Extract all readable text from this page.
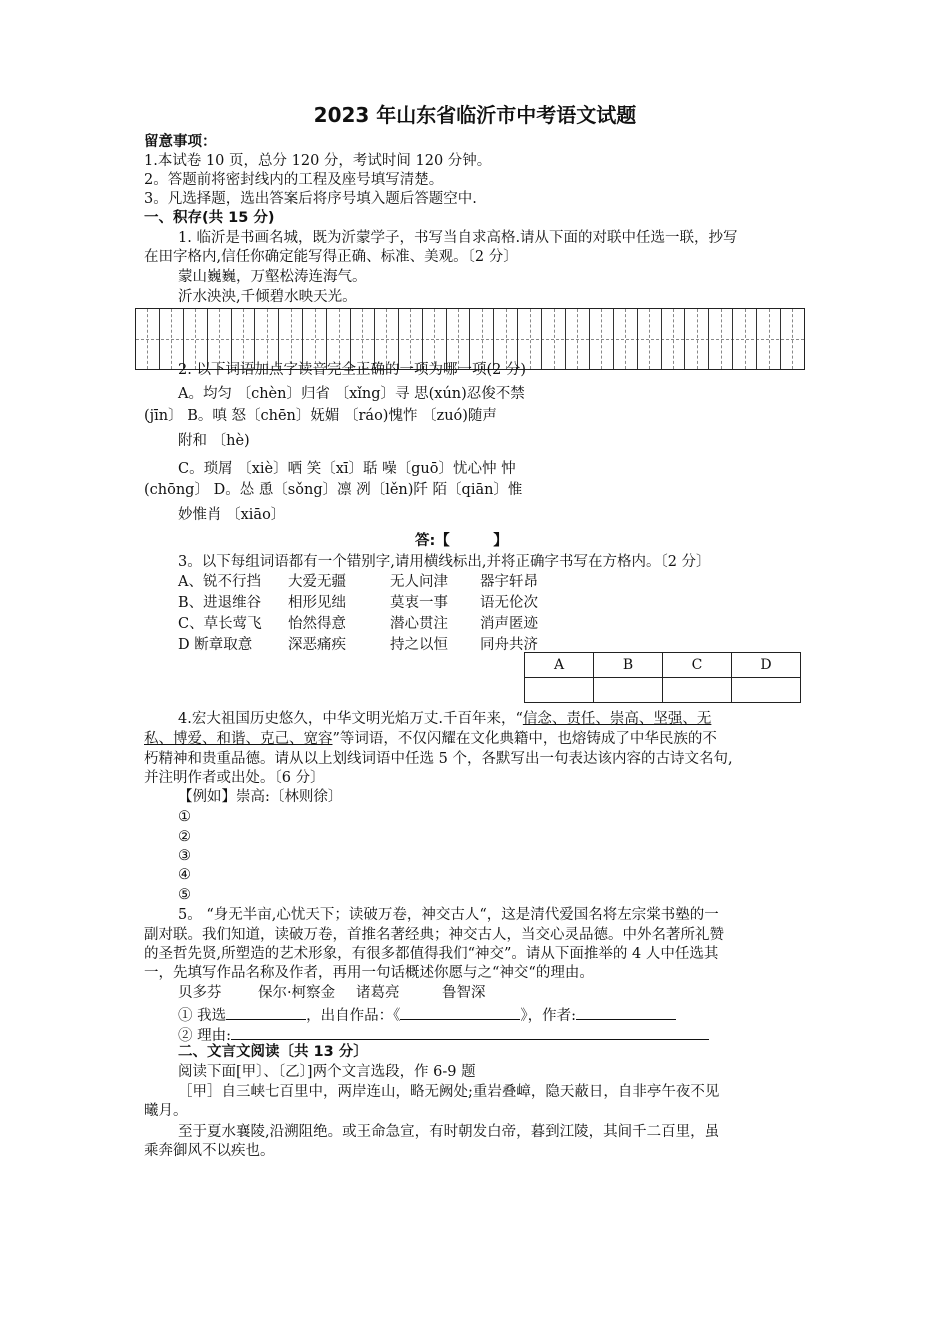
2023 年山东省临沂市中考语文试题
留意事项：
1.本试卷 10 页，总分 120 分，考试时间 120 分钟。
2。答题前将密封线内的工程及座号填写清楚。
3。凡选择题，选出答案后将序号填入题后答题空中.
一、积存(共 15 分)
1. 临沂是书画名城，既为沂蒙学子，书写当自求高格.请从下面的对联中任选一联，抄写
在田字格内,信任你确定能写得正确、标准、美观。〔2 分〕
蒙山巍巍，万壑松涛连海气。
沂水泱泱,千倾碧水映天光。
2. 以下词语加点字读音完全正确的一项为哪一项(2 分)
A。均匀 〔chèn〕归省 〔xǐng〕寻 思(xún)忍俊不禁
(jīn〕 B。嗔 怒〔chēn〕妩媚 〔ráo)愧怍 〔zuó)随声
附和 〔hè)
C。琐屑 〔xiè〕哂 笑〔xī〕聒 噪〔guō〕忧心忡 忡
(chōng〕 D。怂 恿〔sǒng〕凛 冽〔lěn)阡 陌〔qiān〕惟
妙惟肖 〔xiāo〕
答:【　　　】
3。以下每组词语都有一个错别字,请用横线标出,并将正确字书写在方格内。〔2 分〕
A、锐不行挡 大爱无疆	无人问津 器宇轩昂
B、进退维谷 相形见绌	莫衷一事 语无伦次
C、草长莺飞 怡然得意	潜心贯注 消声匿迹
D 断章取意 深恶痛疾	持之以恒 同舟共济
A	B	C	D

4.宏大祖国历史悠久，中华文明光焰万丈.千百年来，“信念、责任、崇高、坚强、无
私、博爱、和谐、克己、宽容”等词语，不仅闪耀在文化典籍中，也熔铸成了中华民族的不
朽精神和贵重品德。请从以上划线词语中任选 5 个，各默写出一句表达该内容的古诗文名句,
并注明作者或出处。〔6 分〕
【例如】崇高:〔林则徐〕
①
②
③
④
⑤
5。 “身无半亩,心忧天下；读破万卷，神交古人“，这是清代爱国名将左宗棠书塾的一
副对联。我们知道，读破万卷，首推名著经典；神交古人，当交心灵品德。中外名著所礼赞
的圣哲先贤,所塑造的艺术形象，有很多都值得我们“神交”。请从下面推举的 4 人中任选其
一，先填写作品名称及作者，再用一句话概述你愿与之“神交“的理由。
贝多芬	保尔·柯察金 诸葛亮	鲁智深
① 我选	，出自作品：《	》，作者:
② 理由:
二、文言文阅读〔共 13 分〕
阅读下面[甲〕、〔乙〕]两个文言选段，作 6-9 题
［甲］自三峡七百里中，两岸连山，略无阙处;重岩叠嶂，隐天蔽日，自非亭午夜不见
曦月。
至于夏水襄陵,沿溯阻绝。或王命急宣，有时朝发白帝，暮到江陵，其间千二百里，虽
乘奔御风不以疾也。
